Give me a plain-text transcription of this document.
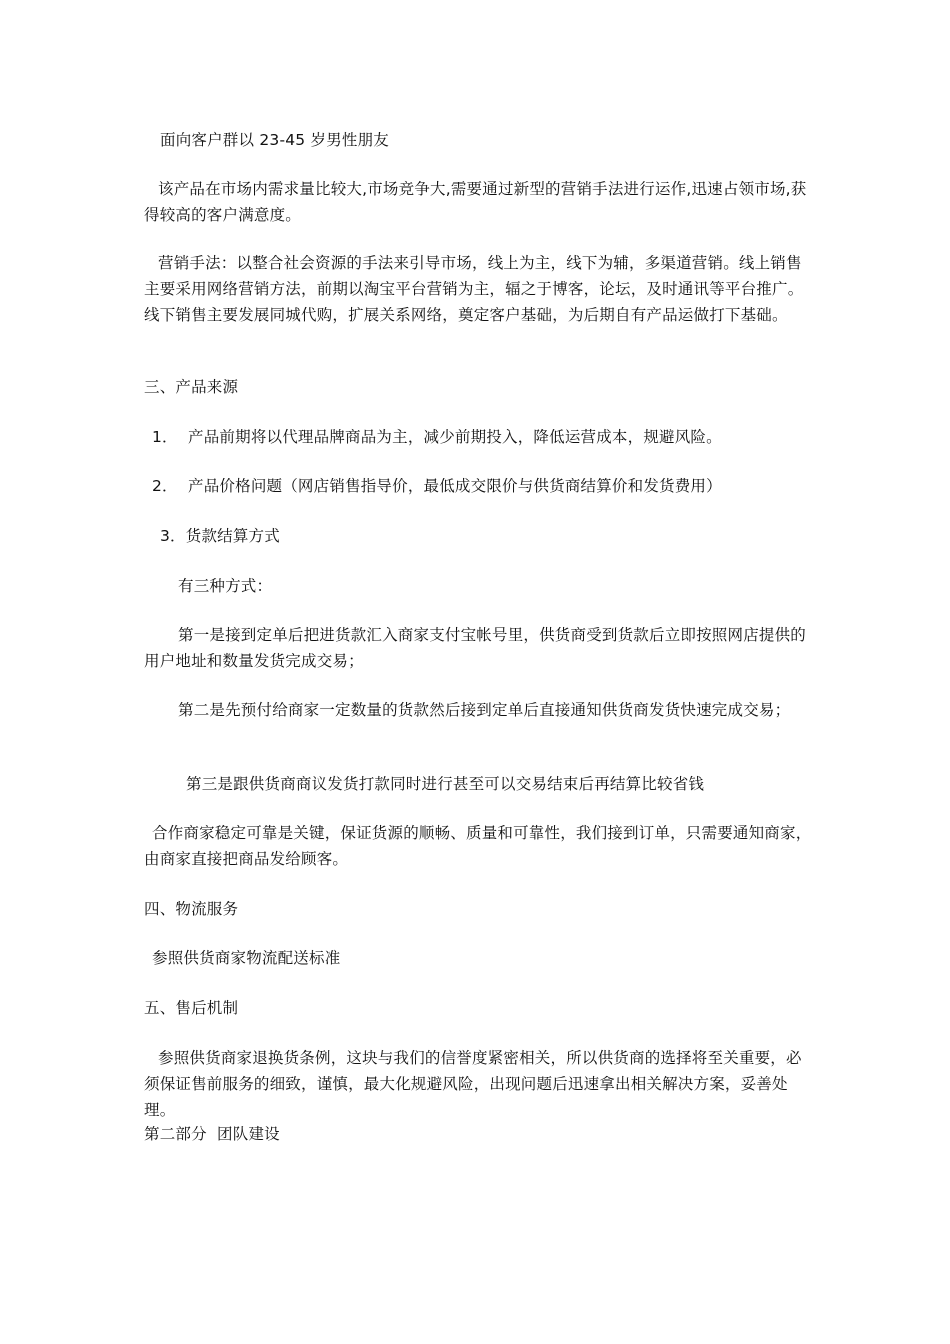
面向客户群以 23-45 岁男性朋友
该产品在市场内需求量比较大,市场竞争大,需要通过新型的营销手法进行运作,迅速占领市场,获得较高的客户满意度。
营销手法：以整合社会资源的手法来引导市场，线上为主，线下为辅，多渠道营销。线上销售主要采用网络营销方法，前期以淘宝平台营销为主，辐之于博客，论坛，及时通讯等平台推广。线下销售主要发展同城代购，扩展关系网络，奠定客户基础，为后期自有产品运做打下基础。
三、产品来源
1．  产品前期将以代理品牌商品为主，减少前期投入，降低运营成本，规避风险。
2．  产品价格问题（网店销售指导价，最低成交限价与供货商结算价和发货费用）
3．货款结算方式
有三种方式：
第一是接到定单后把进货款汇入商家支付宝帐号里，供货商受到货款后立即按照网店提供的用户地址和数量发货完成交易；
第二是先预付给商家一定数量的货款然后接到定单后直接通知供货商发货快速完成交易；
第三是跟供货商商议发货打款同时进行甚至可以交易结束后再结算比较省钱
合作商家稳定可靠是关键，保证货源的顺畅、质量和可靠性，我们接到订单，只需要通知商家，由商家直接把商品发给顾客。
四、物流服务
参照供货商家物流配送标准
五、售后机制
参照供货商家退换货条例，这块与我们的信誉度紧密相关，所以供货商的选择将至关重要，必须保证售前服务的细致，谨慎，最大化规避风险，出现问题后迅速拿出相关解决方案，妥善处理。
第二部分  团队建设
